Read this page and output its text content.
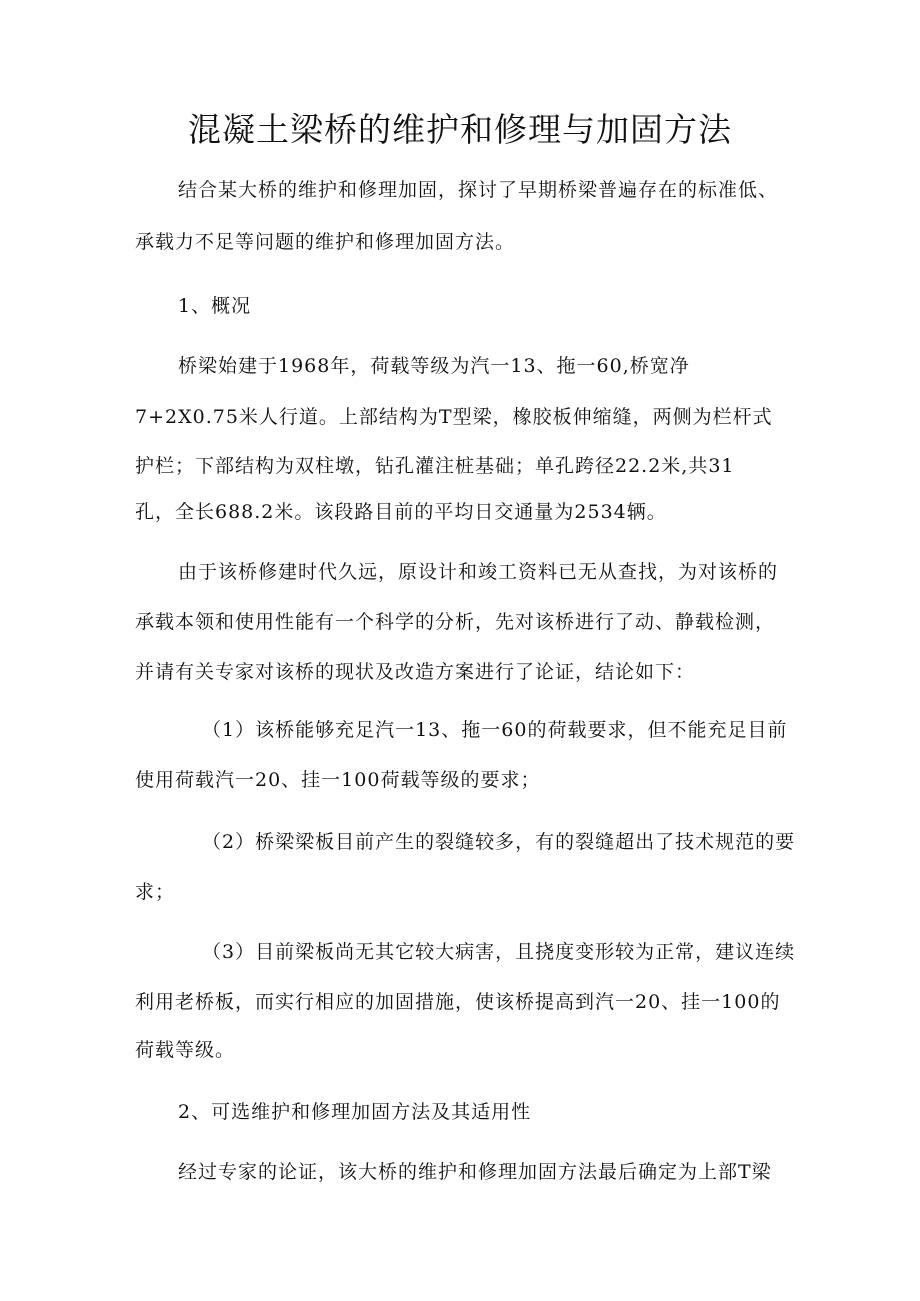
混凝土梁桥的维护和修理与加固方法

结合某大桥的维护和修理加固，探讨了早期桥梁普遍存在的标准低、

承载力不足等问题的维护和修理加固方法。

1、概况

桥梁始建于1968年，荷载等级为汽一13、拖一60,桥宽净

7+2X0.75米人行道。上部结构为T型梁，橡胶板伸缩缝，两侧为栏杆式

护栏；下部结构为双柱墩，钻孔灌注桩基础；单孔跨径22.2米,共31

孔，全长688.2米。该段路目前的平均日交通量为2534辆。

由于该桥修建时代久远，原设计和竣工资料已无从查找，为对该桥的

承载本领和使用性能有一个科学的分析，先对该桥进行了动、静载检测，

并请有关专家对该桥的现状及改造方案进行了论证，结论如下：

（1）该桥能够充足汽一13、拖一60的荷载要求，但不能充足目前

使用荷载汽一20、挂一100荷载等级的要求；

（2）桥梁梁板目前产生的裂缝较多，有的裂缝超出了技术规范的要

求；

（3）目前梁板尚无其它较大病害，且挠度变形较为正常，建议连续

利用老桥板，而实行相应的加固措施，使该桥提高到汽一20、挂一100的

荷载等级。

2、可选维护和修理加固方法及其适用性

经过专家的论证，该大桥的维护和修理加固方法最后确定为上部T梁
